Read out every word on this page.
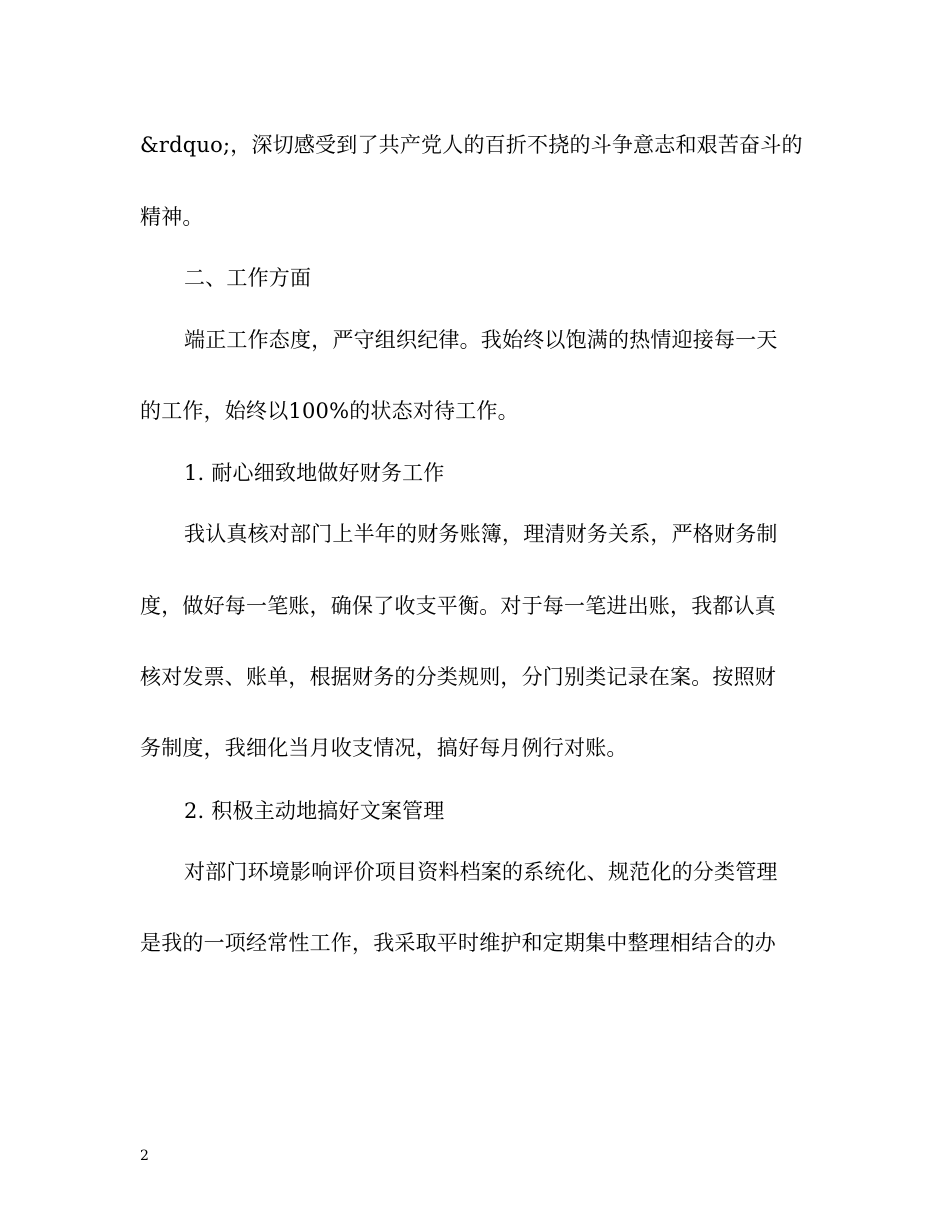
&rdquo;，深切感受到了共产党人的百折不挠的斗争意志和艰苦奋斗的
精神。
二、工作方面
端正工作态度，严守组织纪律。我始终以饱满的热情迎接每一天
的工作，始终以100%的状态对待工作。
1. 耐心细致地做好财务工作
我认真核对部门上半年的财务账簿，理清财务关系，严格财务制
度，做好每一笔账，确保了收支平衡。对于每一笔进出账，我都认真
核对发票、账单，根据财务的分类规则，分门别类记录在案。按照财
务制度，我细化当月收支情况，搞好每月例行对账。
2. 积极主动地搞好文案管理
对部门环境影响评价项目资料档案的系统化、规范化的分类管理
是我的一项经常性工作，我采取平时维护和定期集中整理相结合的办
2
